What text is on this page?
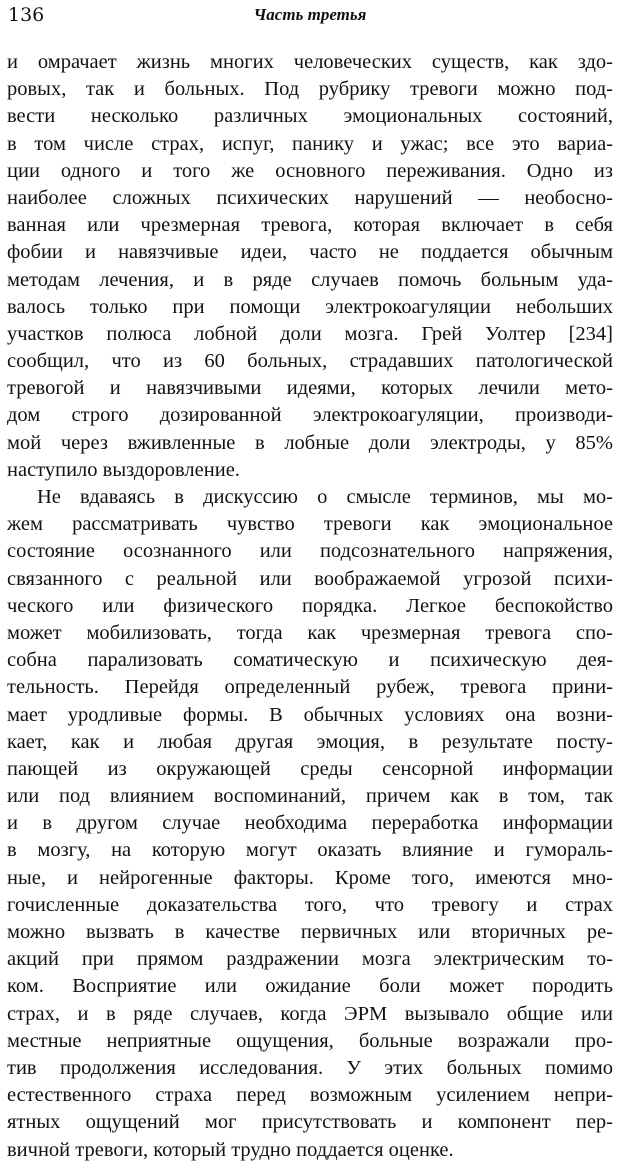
136	Часть третья
и омрачает жизнь многих человеческих существ, как здо-
ровых, так и больных. Под рубрику тревоги можно под-
вести несколько различных эмоциональных состояний,
в том числе страх, испуг, панику и ужас; все это вариа-
ции одного и того же основного переживания. Одно из
наиболее сложных психических нарушений — необосно-
ванная или чрезмерная тревога, которая включает в себя
фобии и навязчивые идеи, часто не поддается обычным
методам лечения, и в ряде случаев помочь больным уда-
валось только при помощи электрокоагуляции небольших
участков полюса лобной доли мозга. Грей Уолтер [234]
сообщил, что из 60 больных, страдавших патологической
тревогой и навязчивыми идеями, которых лечили мето-
дом строго дозированной электрокоагуляции, производи-
мой через вживленные в лобные доли электроды, у 85%
наступило выздоровление.
Не вдаваясь в дискуссию о смысле терминов, мы мо-
жем рассматривать чувство тревоги как эмоциональное
состояние осознанного или подсознательного напряжения,
связанного с реальной или воображаемой угрозой психи-
ческого или физического порядка. Легкое беспокойство
может мобилизовать, тогда как чрезмерная тревога спо-
собна парализовать соматическую и психическую дея-
тельность. Перейдя определенный рубеж, тревога прини-
мает уродливые формы. В обычных условиях она возни-
кает, как и любая другая эмоция, в результате посту-
пающей из окружающей среды сенсорной информации
или под влиянием воспоминаний, причем как в том, так
и в другом случае необходима переработка информации
в мозгу, на которую могут оказать влияние и гумораль-
ные, и нейрогенные факторы. Кроме того, имеются мно-
гочисленные доказательства того, что тревогу и страх
можно вызвать в качестве первичных или вторичных ре-
акций при прямом раздражении мозга электрическим то-
ком. Восприятие или ожидание боли может породить
страх, и в ряде случаев, когда ЭРМ вызывало общие или
местные неприятные ощущения, больные возражали про-
тив продолжения исследования. У этих больных помимо
естественного страха перед возможным усилением непри-
ятных ощущений мог присутствовать и компонент пер-
вичной тревоги, который трудно поддается оценке.
